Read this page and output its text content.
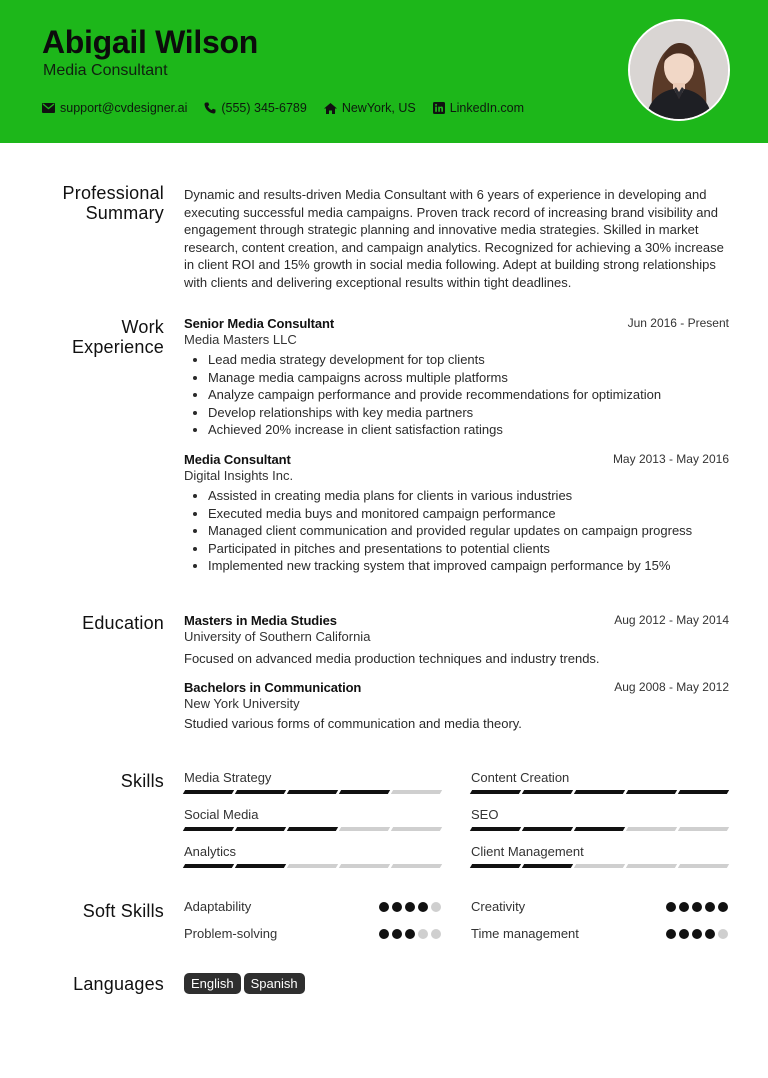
Abigail Wilson
Media Consultant
support@cvdesigner.ai	(555) 345-6789	NewYork, US	LinkedIn.com
Professional Summary
Dynamic and results-driven Media Consultant with 6 years of experience in developing and executing successful media campaigns. Proven track record of increasing brand visibility and engagement through strategic planning and innovative media strategies. Skilled in market research, content creation, and campaign analytics. Recognized for achieving a 30% increase in client ROI and 15% growth in social media following. Adept at building strong relationships with clients and delivering exceptional results within tight deadlines.
Work Experience
Senior Media Consultant	Jun 2016 - Present
Media Masters LLC
• Lead media strategy development for top clients
• Manage media campaigns across multiple platforms
• Analyze campaign performance and provide recommendations for optimization
• Develop relationships with key media partners
• Achieved 20% increase in client satisfaction ratings
Media Consultant	May 2013 - May 2016
Digital Insights Inc.
• Assisted in creating media plans for clients in various industries
• Executed media buys and monitored campaign performance
• Managed client communication and provided regular updates on campaign progress
• Participated in pitches and presentations to potential clients
• Implemented new tracking system that improved campaign performance by 15%
Education Masters in Media Studies	Aug 2012 - May 2014
University of Southern California
Focused on advanced media production techniques and industry trends.
Bachelors in Communication	Aug 2008 - May 2012
New York University
Studied various forms of communication and media theory.
Skills Media Strategy	Content Creation
Social Media	SEO
Analytics	Client Management
Soft Skills Adaptability	Creativity
Problem-solving	Time management
Languages	English Spanish
